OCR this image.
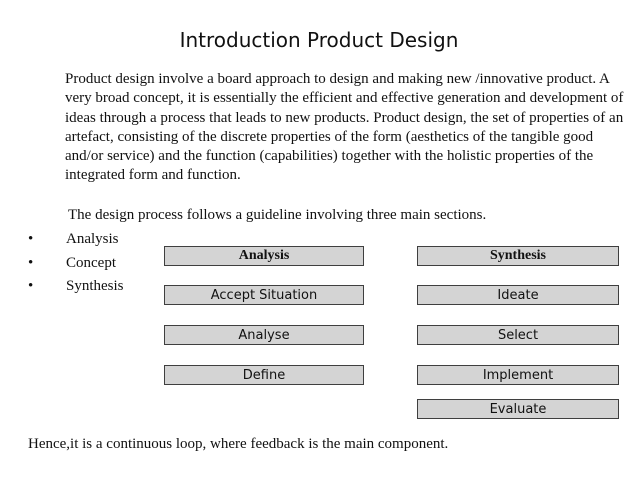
Introduction Product Design
Product design involve a board approach to design and making new /innovative product. A very broad concept, it is essentially the efficient and effective generation and development of ideas through a process that leads to new products. Product design, the set of properties of an artefact, consisting of the discrete properties of the form (aesthetics of the tangible good and/or service) and the function (capabilities) together with the holistic properties of the integrated form and function.
The design process follows a guideline involving three main sections.
• Analysis
• Concept
• Synthesis
Analysis
Accept Situation
Analyse
Define
Synthesis
Ideate
Select
Implement
Evaluate
Hence,it is a continuous loop, where feedback is the main component.
